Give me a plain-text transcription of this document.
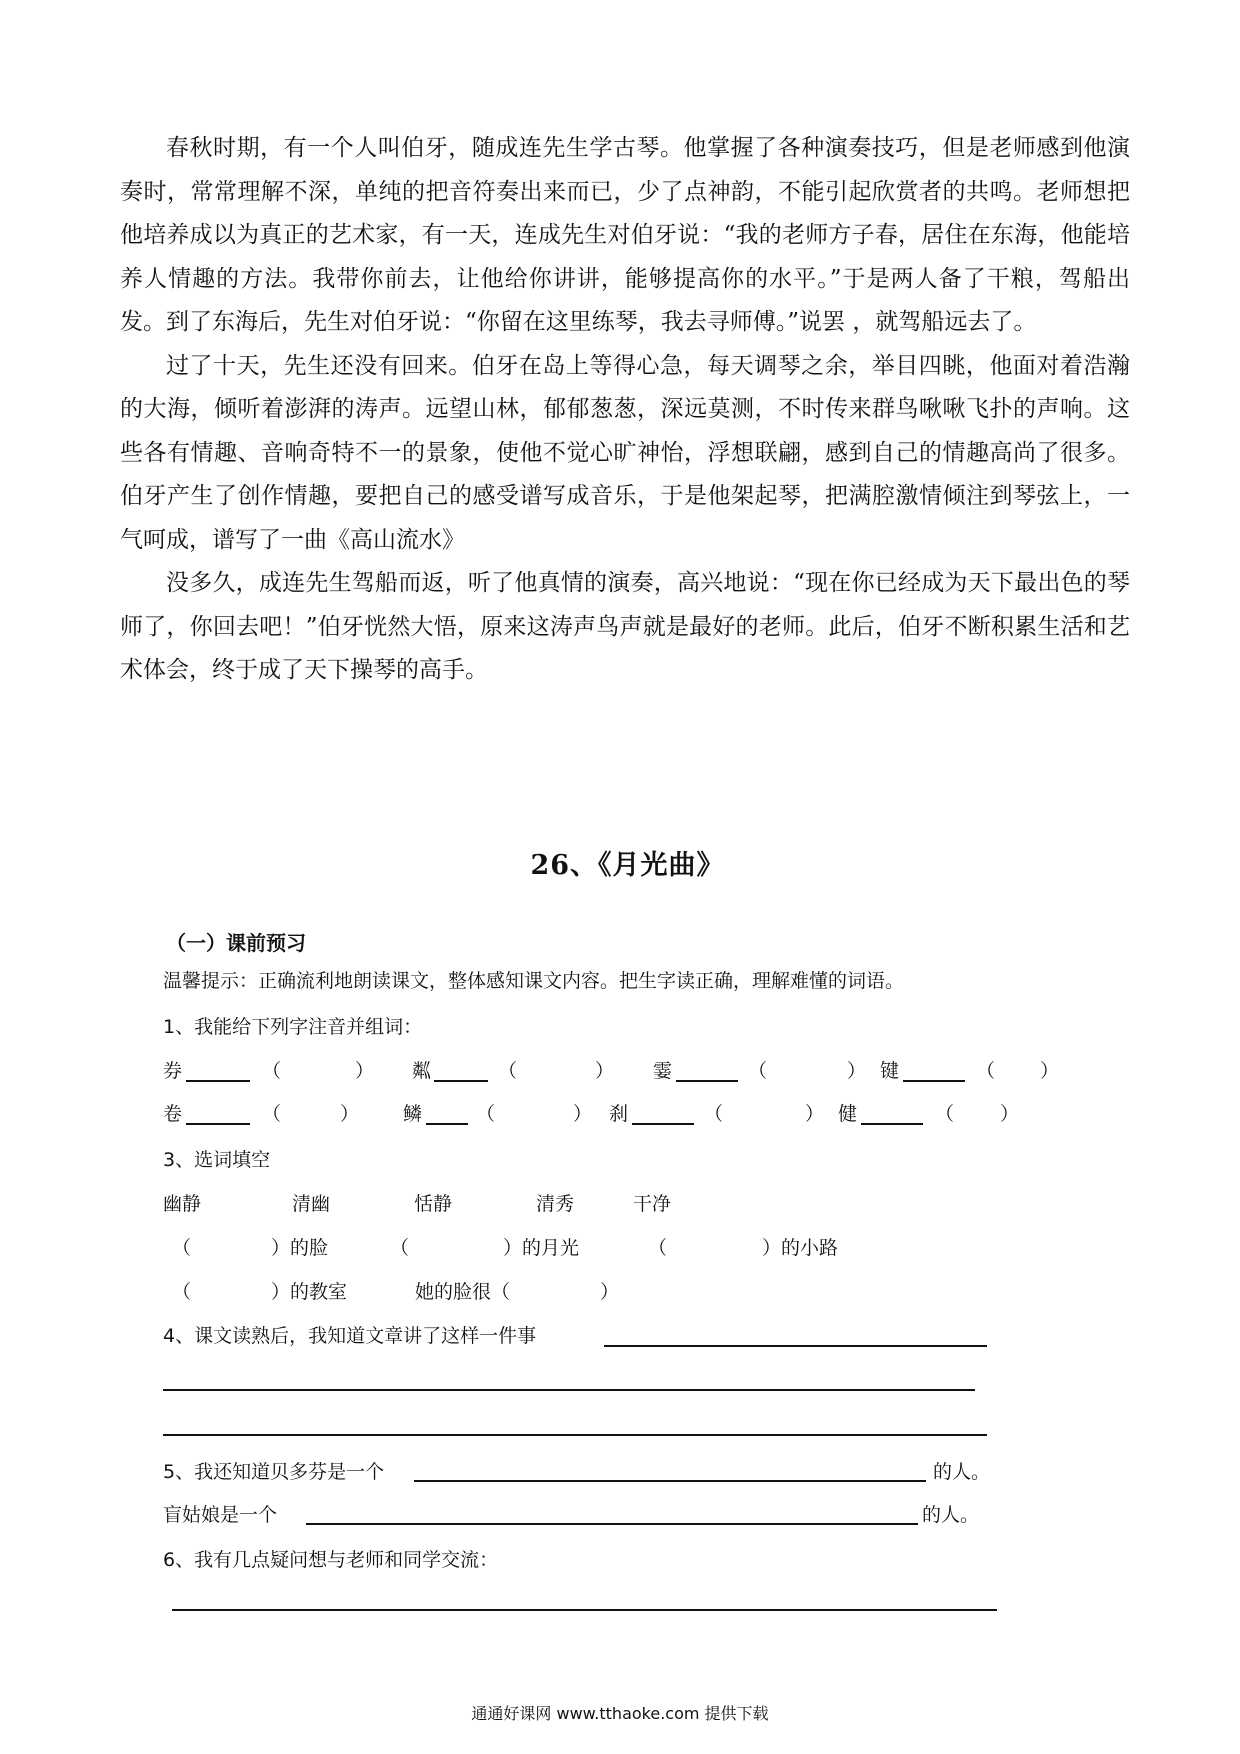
春秋时期，有一个人叫伯牙，随成连先生学古琴。他掌握了各种演奏技巧，但是老师感到他演奏时，常常理解不深，单纯的把音符奏出来而已，少了点神韵，不能引起欣赏者的共鸣。老师想把他培养成以为真正的艺术家，有一天，连成先生对伯牙说：“我的老师方子春，居住在东海，他能培养人情趣的方法。我带你前去，让他给你讲讲，能够提高你的水平。”于是两人备了干粮，驾船出发。到了东海后，先生对伯牙说：“你留在这里练琴，我去寻师傅。”说罢 ，就驾船远去了。

过了十天，先生还没有回来。伯牙在岛上等得心急，每天调琴之余，举目四眺，他面对着浩瀚的大海，倾听着澎湃的涛声。远望山林，郁郁葱葱，深远莫测，不时传来群鸟啾啾飞扑的声响。这些各有情趣、音响奇特不一的景象，使他不觉心旷神怡，浮想联翩，感到自己的情趣高尚了很多。伯牙产生了创作情趣，要把自己的感受谱写成音乐，于是他架起琴，把满腔激情倾注到琴弦上，一气呵成，谱写了一曲《高山流水》

没多久，成连先生驾船而返，听了他真情的演奏，高兴地说：“现在你已经成为天下最出色的琴师了，你回去吧！”伯牙恍然大悟，原来这涛声鸟声就是最好的老师。此后，伯牙不断积累生活和艺术体会，终于成了天下操琴的高手。

26、《月光曲》
（一）课前预习
温馨提示：正确流利地朗读课文，整体感知课文内容。把生字读正确，理解难懂的词语。
1、我能给下列字注音并组词：
券	（	） 粼	（	） 霎	（	） 键	（ ）
卷	（	） 鳞	（	） 刹	（	） 健	（ ）
3、选词填空
幽静	清幽	恬静	清秀	干净
（	）的脸	（	）的月光	（	）的小路
（	）的教室	她的脸很（	）
4、课文读熟后，我知道文章讲了这样一件事
5、我还知道贝多芬是一个	的人。
盲姑娘是一个	的人。
6、我有几点疑问想与老师和同学交流：
通通好课网 www.tthaoke.com 提供下载
